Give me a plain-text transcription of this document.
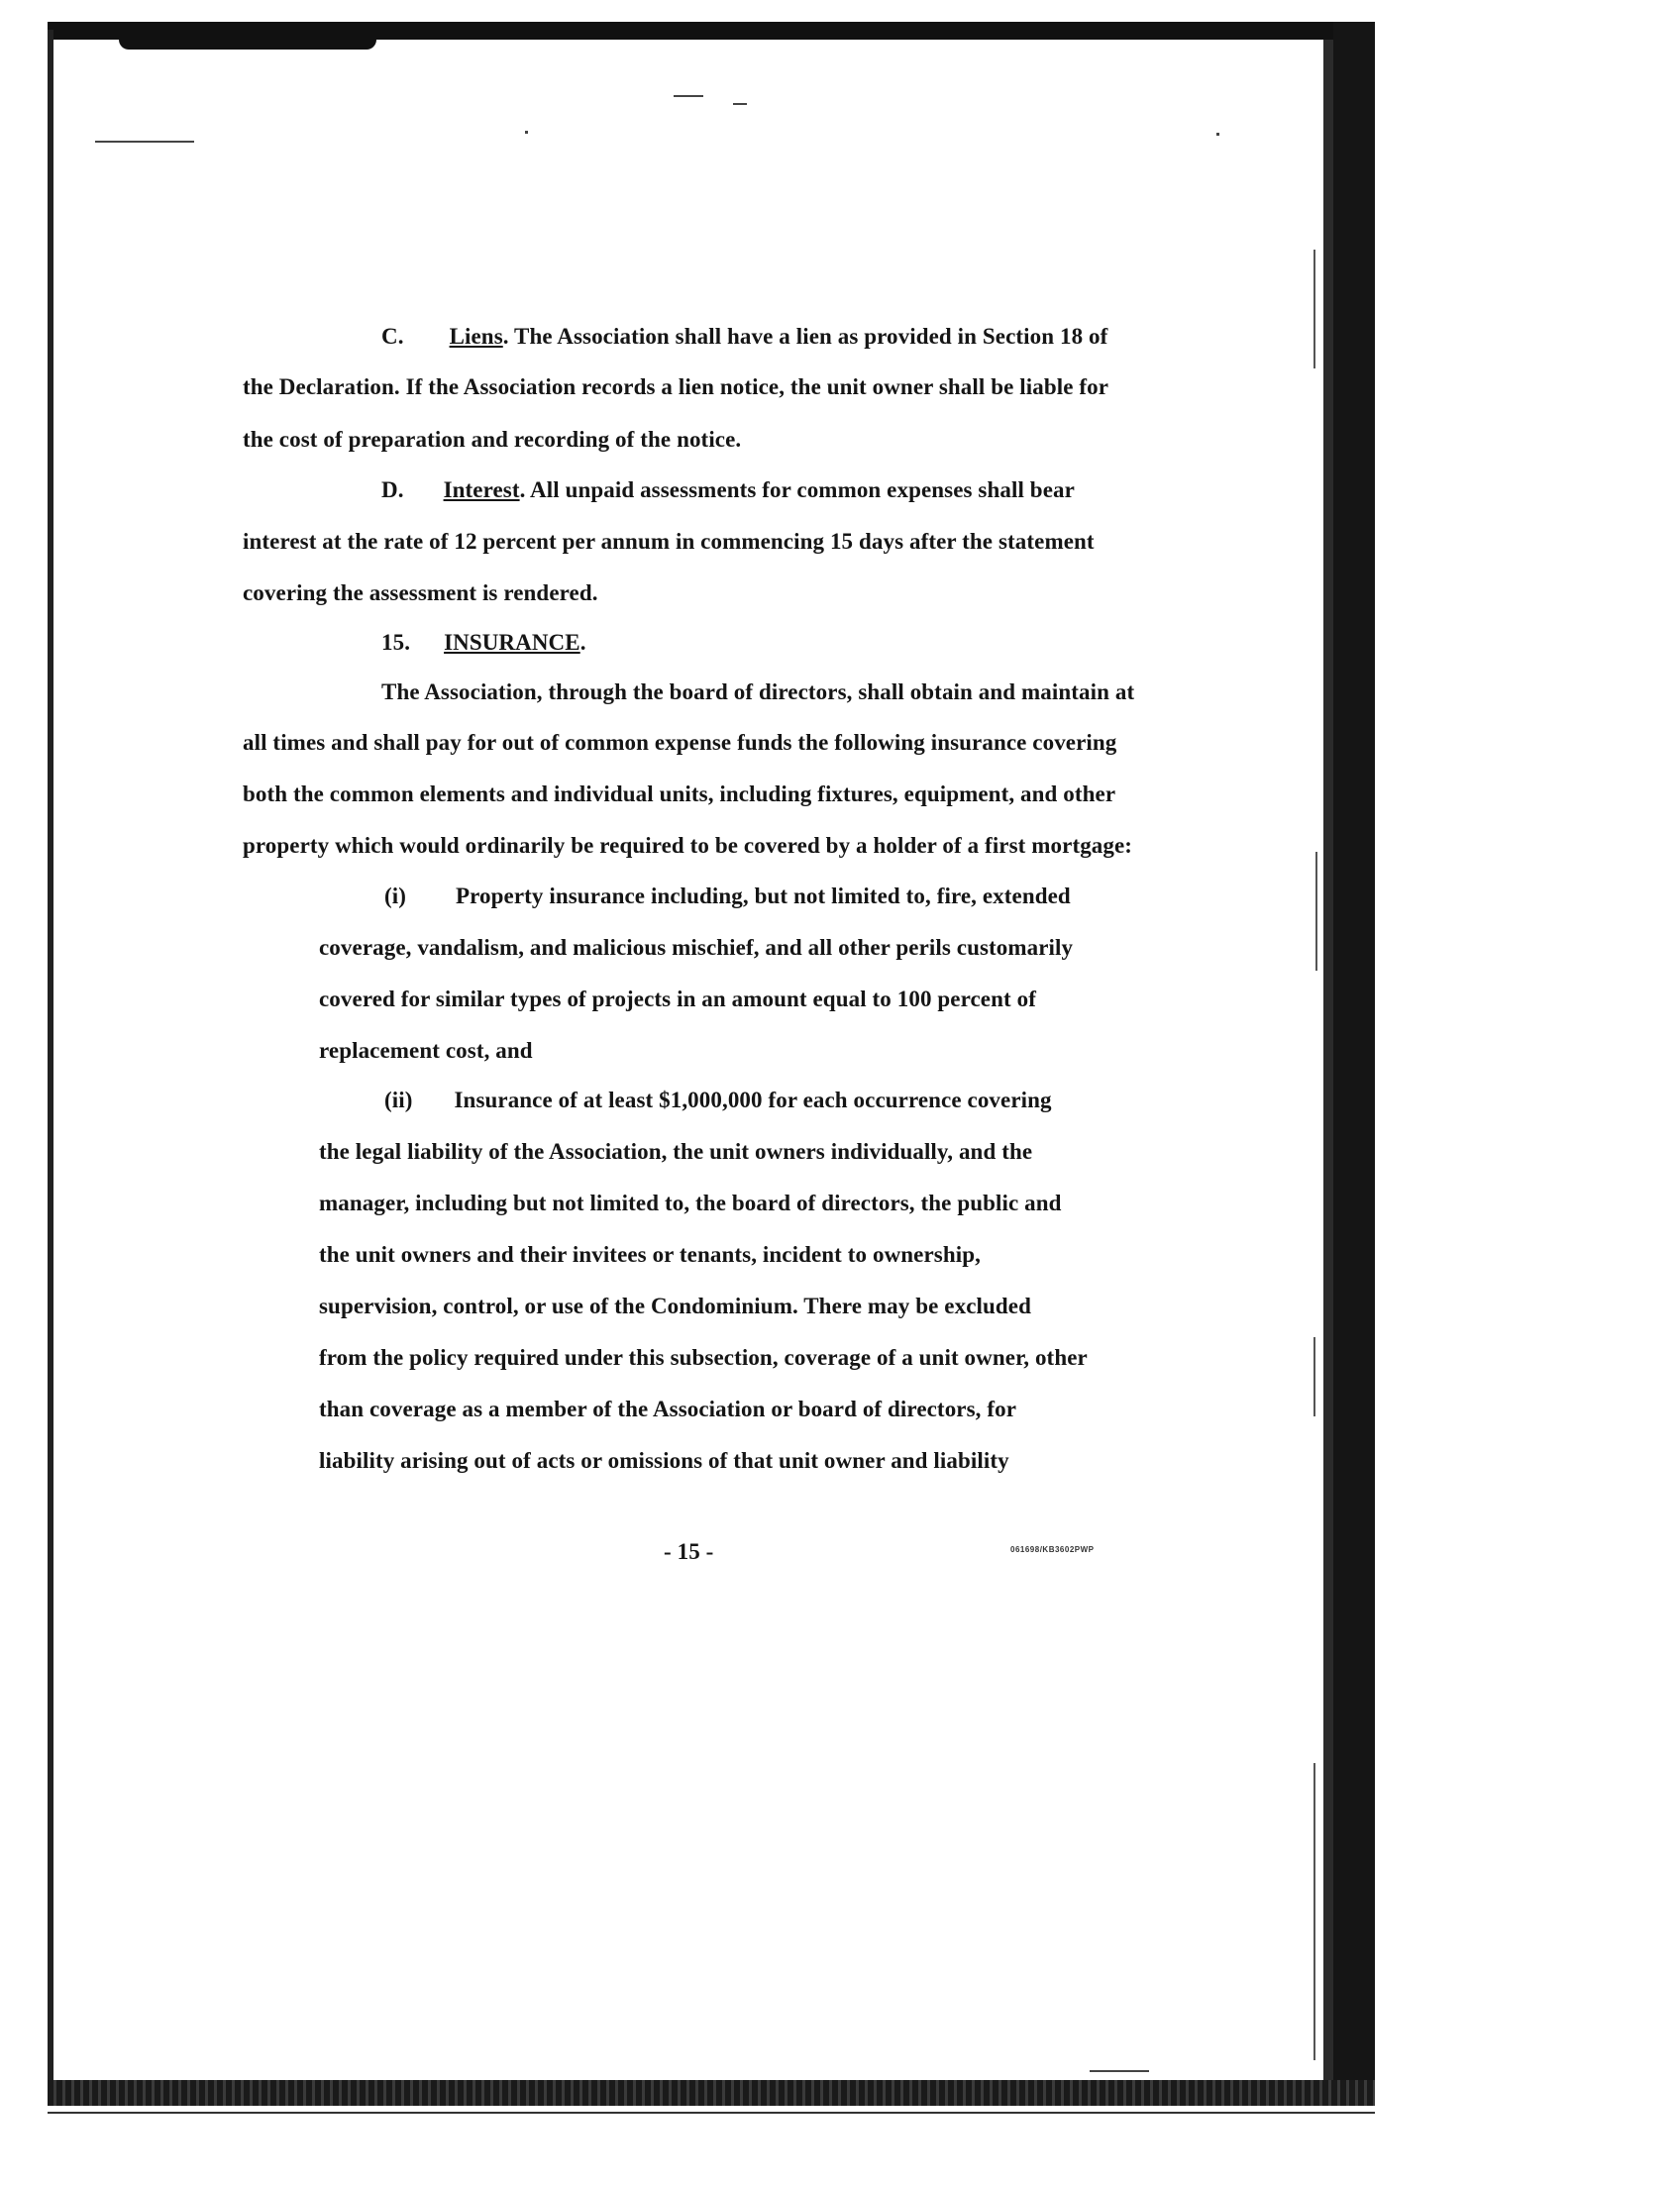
C. Liens. The Association shall have a lien as provided in Section 18 of
the Declaration. If the Association records a lien notice, the unit owner shall be liable for
the cost of preparation and recording of the notice.
D. Interest. All unpaid assessments for common expenses shall bear
interest at the rate of 12 percent per annum in commencing 15 days after the statement
covering the assessment is rendered.
15. INSURANCE.
The Association, through the board of directors, shall obtain and maintain at
all times and shall pay for out of common expense funds the following insurance covering
both the common elements and individual units, including fixtures, equipment, and other
property which would ordinarily be required to be covered by a holder of a first mortgage:
(i) Property insurance including, but not limited to, fire, extended
coverage, vandalism, and malicious mischief, and all other perils customarily
covered for similar types of projects in an amount equal to 100 percent of
replacement cost, and
(ii) Insurance of at least $1,000,000 for each occurrence covering
the legal liability of the Association, the unit owners individually, and the
manager, including but not limited to, the board of directors, the public and
the unit owners and their invitees or tenants, incident to ownership,
supervision, control, or use of the Condominium. There may be excluded
from the policy required under this subsection, coverage of a unit owner, other
than coverage as a member of the Association or board of directors, for
liability arising out of acts or omissions of that unit owner and liability
- 15 -	061698/KB3602PWP
